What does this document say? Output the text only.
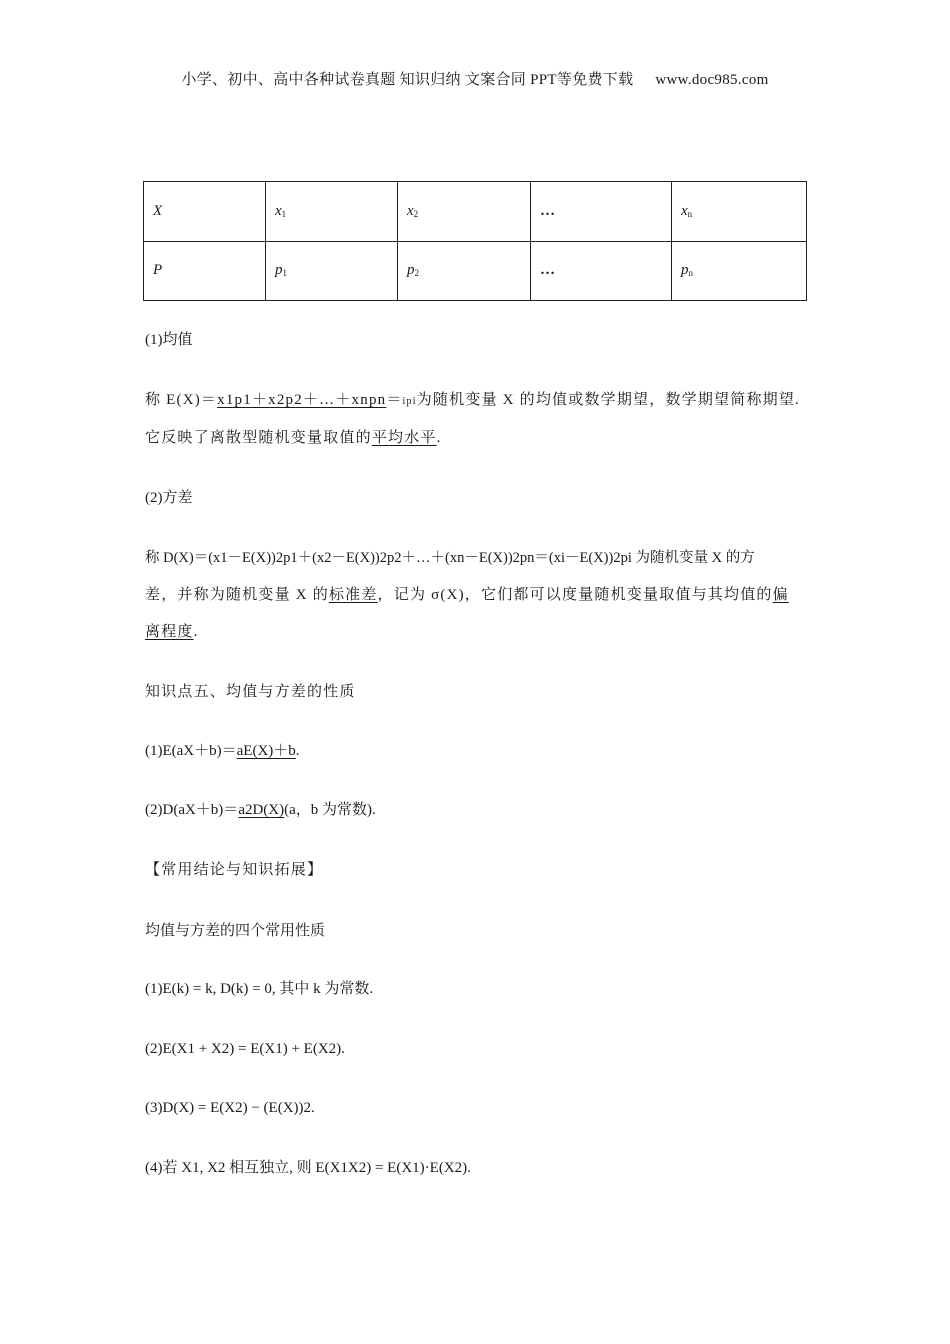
小学、初中、高中各种试卷真题 知识归纳 文案合同 PPT等免费下载 www.doc985.com
X	$x_1$	$x_2$	…	$x_n$
P	$p_1$	$p_2$	…	$p_n$
(1)均值
称 E(X)＝x1p1＋x2p2＋…＋xnpn＝ipi为随机变量 X 的均值或数学期望，数学期望简称期望.
它反映了离散型随机变量取值的平均水平.
(2)方差
称 D(X)＝(x1－E(X))2p1＋(x2－E(X))2p2＋…＋(xn－E(X))2pn＝(xi－E(X))2pi 为随机变量 X 的方
差，并称为随机变量 X 的标准差，记为 σ(X)，它们都可以度量随机变量取值与其均值的偏
离程度.
知识点五、均值与方差的性质
(1)E(aX＋b)＝aE(X)＋b.
(2)D(aX＋b)＝a2D(X)(a，b 为常数).
【常用结论与知识拓展】
均值与方差的四个常用性质
(1)E(k) = k, D(k) = 0, 其中 k 为常数.
(2)E(X1 + X2) = E(X1) + E(X2).
(3)D(X) = E(X2) − (E(X))2.
(4)若 X1, X2 相互独立, 则 E(X1X2) = E(X1)·E(X2).
